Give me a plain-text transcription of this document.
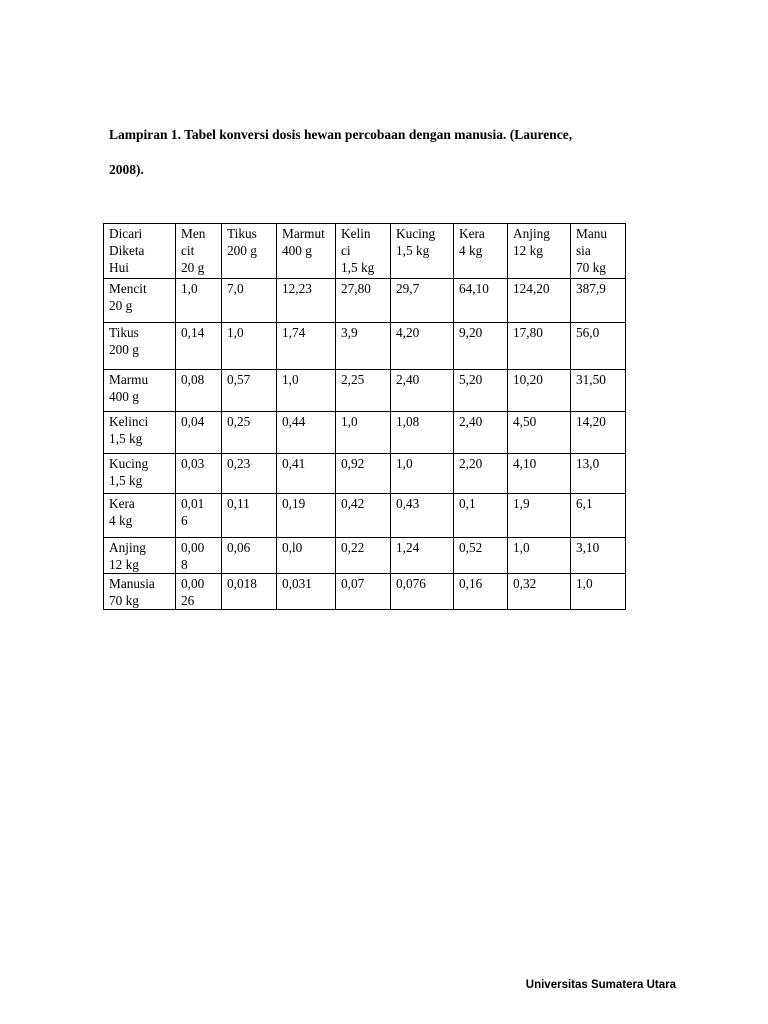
Lampiran 1. Tabel konversi dosis hewan percobaan dengan manusia. (Laurence,
2008).
Dicari
Diketa
Hui	Men
cit
20 g	Tikus
200 g	Marmut
400 g	Kelin
ci
1,5 kg	Kucing
1,5 kg	Kera
4 kg	Anjing
12 kg	Manu
sia
70 kg

Mencit
20 g	1,0	7,0	12,23	27,80	29,7	64,10	124,20	387,9

Tikus
200 g	0,14	1,0	1,74	3,9	4,20	9,20	17,80	56,0

Marmu
400 g	0,08	0,57	1,0	2,25	2,40	5,20	10,20	31,50

Kelinci
1,5 kg	0,04	0,25	0,44	1,0	1,08	2,40	4,50	14,20

Kucing
1,5 kg	0,03	0,23	0,41	0,92	1,0	2,20	4,10	13,0

Kera
4 kg	0,01
6	0,11	0,19	0,42	0,43	0,1	1,9	6,1

Anjing
12 kg	0,00
8	0,06	0,l0	0,22	1,24	0,52	1,0	3,10

Manusia
70 kg	0,00
26	0,018	0,031	0,07	0,076	0,16	0,32	1,0
Universitas Sumatera Utara
